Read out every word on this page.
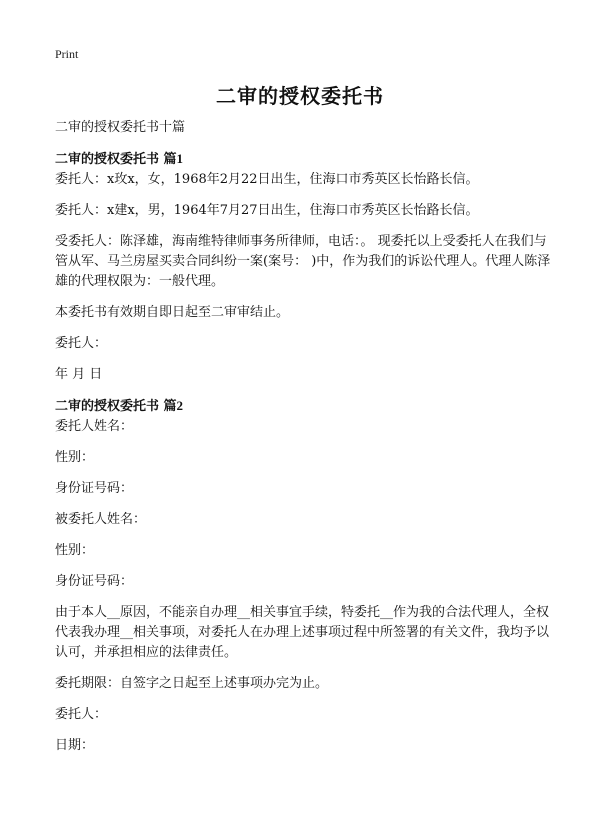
Print
二审的授权委托书

二审的授权委托书十篇

二审的授权委托书 篇1

委托人：x玫x，女，1968年2月22日出生，住海口市秀英区长怡路长信。

委托人：x建x，男，1964年7月27日出生，住海口市秀英区长怡路长信。

受委托人：陈泽雄，海南维特律师事务所律师，电话：。 现委托以上受委托人在我们与管从军、马兰房屋买卖合同纠纷一案(案号： )中，作为我们的诉讼代理人。代理人陈泽雄的代理权限为：一般代理。

本委托书有效期自即日起至二审审结止。

委托人：

年 月 日

二审的授权委托书 篇2

委托人姓名：

性别：

身份证号码：

被委托人姓名：

性别：

身份证号码：

由于本人__原因，不能亲自办理__相关事宜手续，特委托__作为我的合法代理人，全权代表我办理__相关事项，对委托人在办理上述事项过程中所签署的有关文件，我均予以认可，并承担相应的法律责任。

委托期限：自签字之日起至上述事项办完为止。

委托人：

日期：
